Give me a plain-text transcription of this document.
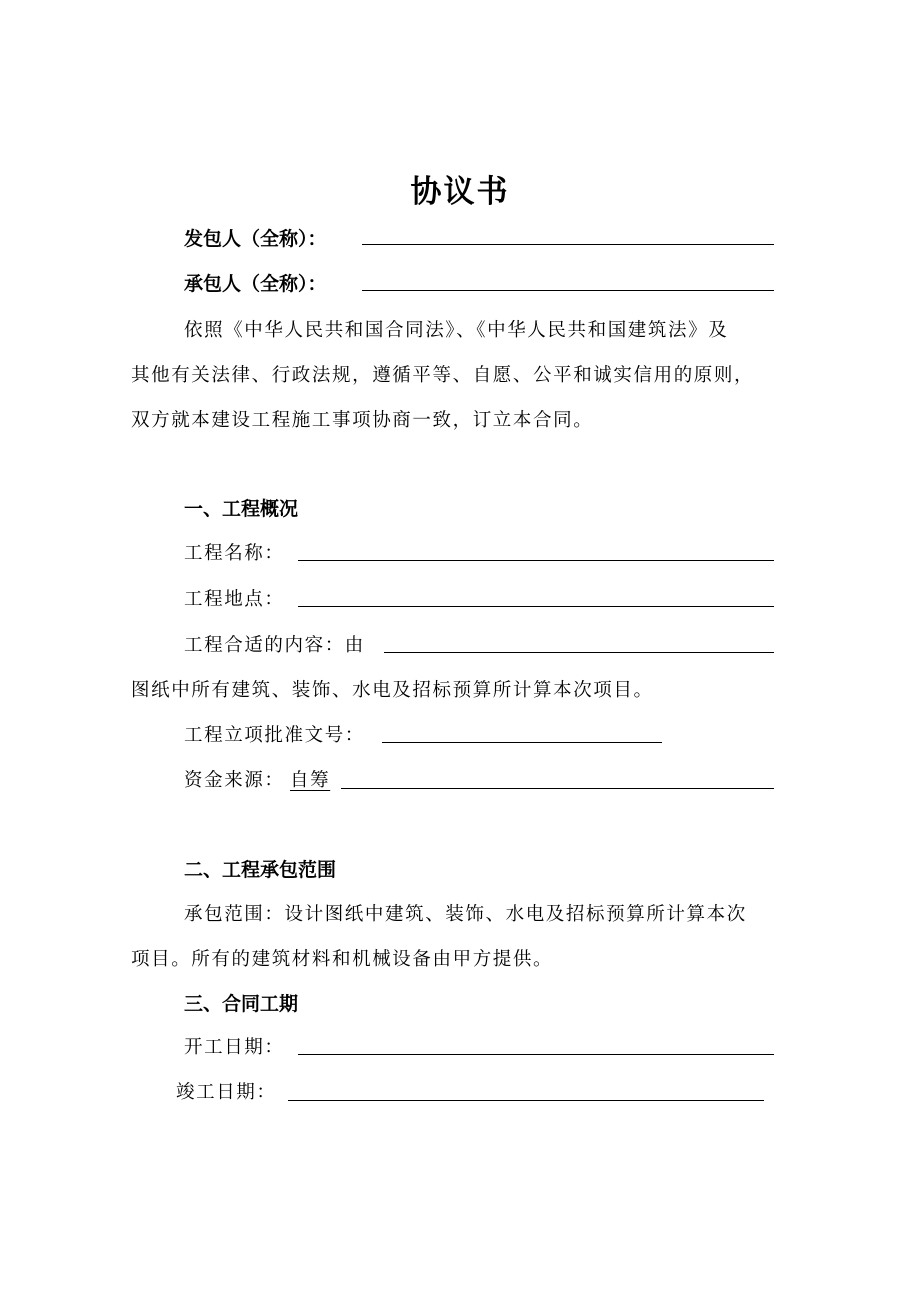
协议书
发包人（全称）：
承包人（全称）：
依照《中华人民共和国合同法》、《中华人民共和国建筑法》及
其他有关法律、行政法规，遵循平等、自愿、公平和诚实信用的原则，
双方就本建设工程施工事项协商一致，订立本合同。
一、工程概况
工程名称：
工程地点：
工程合适的内容：由
图纸中所有建筑、装饰、水电及招标预算所计算本次项目。
工程立项批准文号：
资金来源： 自筹
二、工程承包范围
承包范围：设计图纸中建筑、装饰、水电及招标预算所计算本次
项目。所有的建筑材料和机械设备由甲方提供。
三、合同工期
开工日期：
竣工日期：
